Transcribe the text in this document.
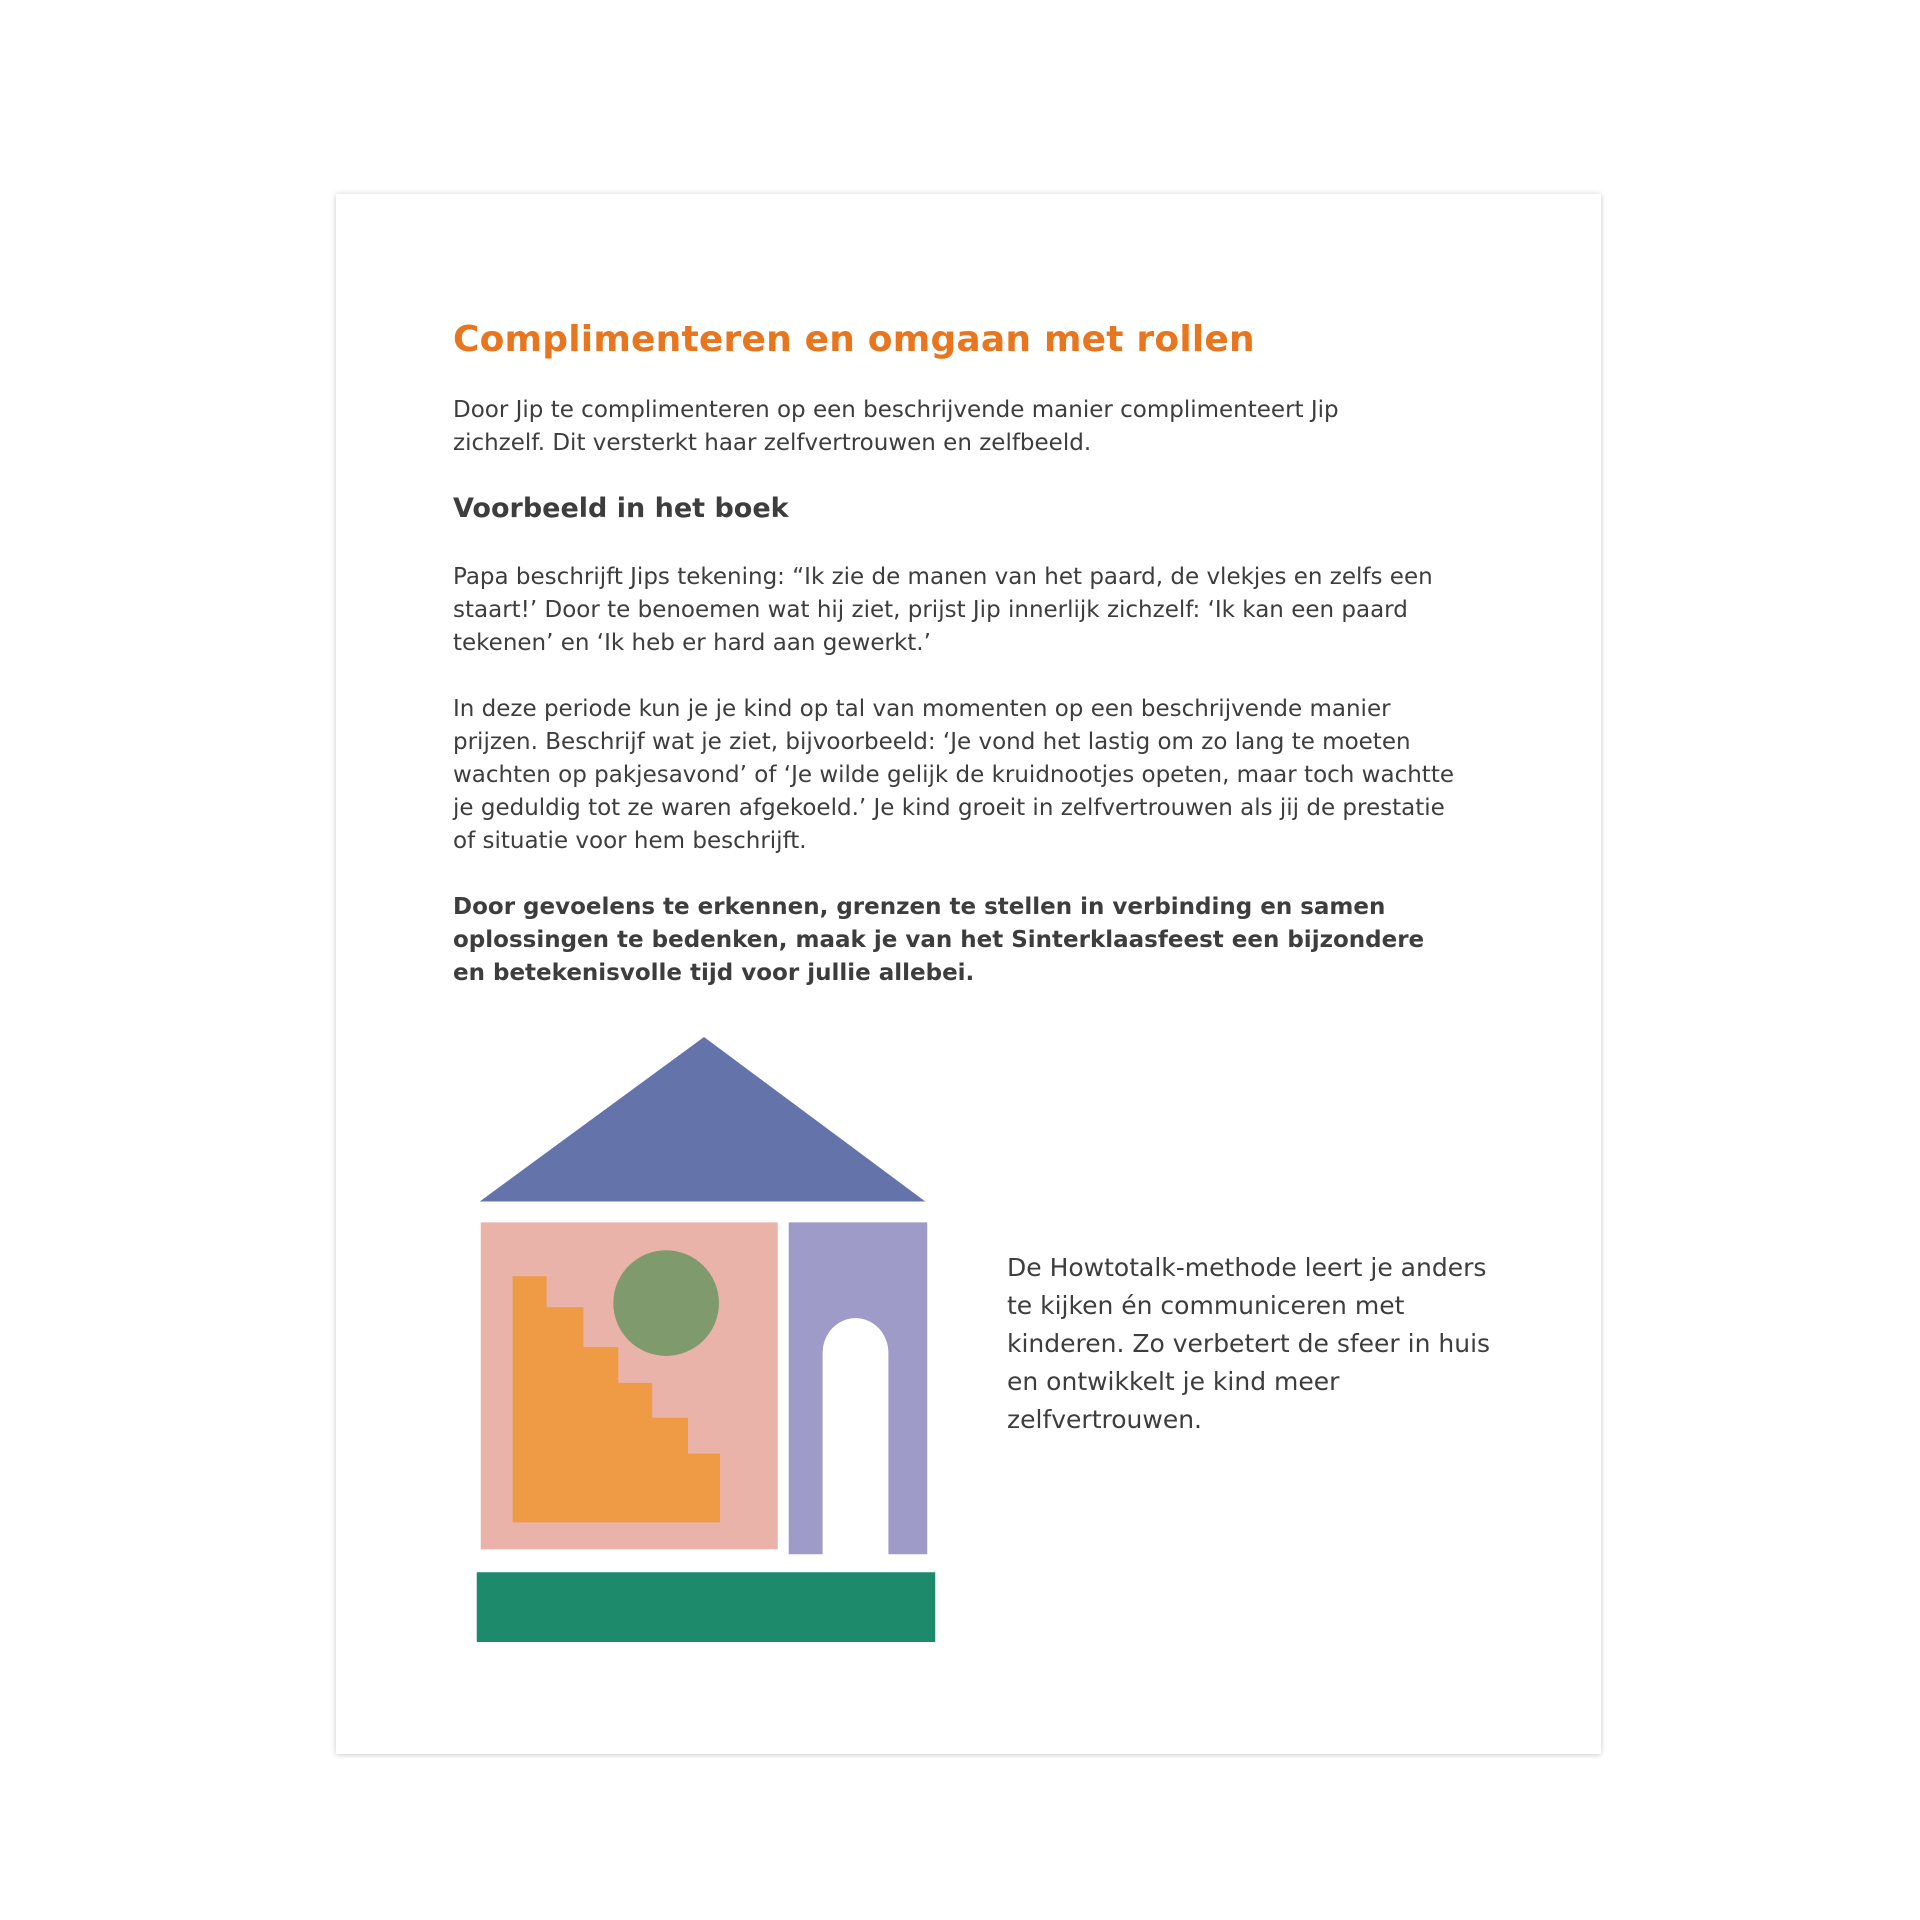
Complimenteren en omgaan met rollen

Door Jip te complimenteren op een beschrijvende manier complimenteert Jip zichzelf. Dit versterkt haar zelfvertrouwen en zelfbeeld.

Voorbeeld in het boek

Papa beschrijft Jips tekening: “Ik zie de manen van het paard, de vlekjes en zelfs een staart!’ Door te benoemen wat hij ziet, prijst Jip innerlijk zichzelf: ‘Ik kan een paard tekenen’ en ‘Ik heb er hard aan gewerkt.’

In deze periode kun je je kind op tal van momenten op een beschrijvende manier prijzen. Beschrijf wat je ziet, bijvoorbeeld: ‘Je vond het lastig om zo lang te moeten wachten op pakjesavond’ of ‘Je wilde gelijk de kruidnootjes opeten, maar toch wachtte je geduldig tot ze waren afgekoeld.’ Je kind groeit in zelfvertrouwen als jij de prestatie of situatie voor hem beschrijft.

Door gevoelens te erkennen, grenzen te stellen in verbinding en samen oplossingen te bedenken, maak je van het Sinterklaasfeest een bijzondere en betekenisvolle tijd voor jullie allebei.

De Howtotalk-methode leert je anders te kijken én communiceren met kinderen. Zo verbetert de sfeer in huis en ontwikkelt je kind meer zelfvertrouwen.
